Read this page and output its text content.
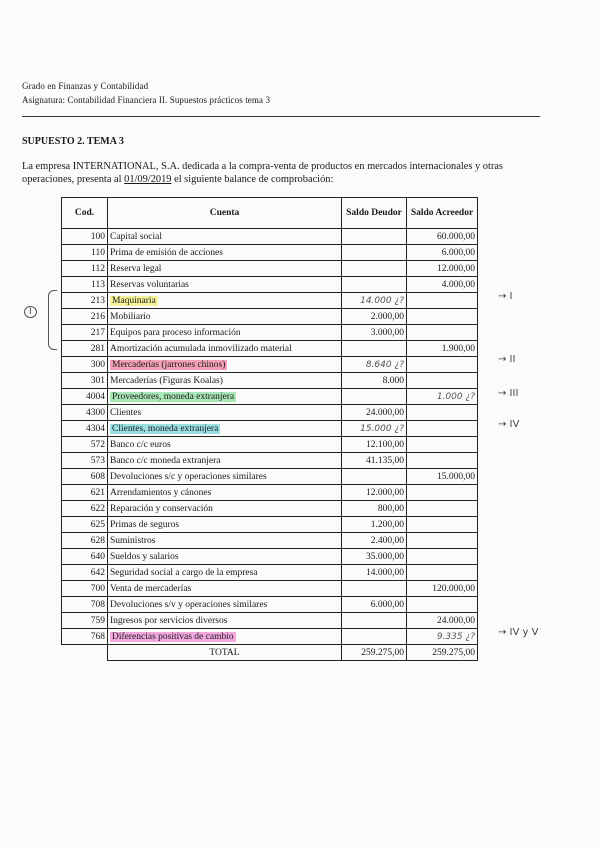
Grado en Finanzas y Contabilidad
Asignatura: Contabilidad Financiera II. Supuestos prácticos tema 3
SUPUESTO 2. TEMA 3
La empresa INTERNATIONAL, S.A. dedicada a la compra-venta de productos en mercados internacionales y otras operaciones, presenta al 01/09/2019 el siguiente balance de comprobación:
I
Cod.	Cuenta	Saldo Deudor	Saldo Acreedor
100	Capital social		60.000,00
110	Prima de emisión de acciones		6.000,00
112	Reserva legal		12.000,00
113	Reservas voluntarias		4.000,00
213	Maquinaria	14.000 ¿?	
216	Mobiliario	2.000,00	
217	Equipos para proceso información	3.000,00	
281	Amortización acumulada inmovilizado material		1.900,00
300	Mercaderías (jarrones chinos)	8.640 ¿?	
301	Mercaderías (Figuras Koalas)	8.000	
4004	Proveedores, moneda extranjera		1.000 ¿?
4300	Clientes	24.000,00	
4304	Clientes, moneda extranjera	15.000 ¿?	
572	Banco c/c euros	12.100,00	
573	Banco c/c moneda extranjera	41.135,00	
608	Devoluciones s/c y operaciones similares		15.000,00
621	Arrendamientos y cánones	12.000,00	
622	Reparación y conservación	800,00	
625	Primas de seguros	1.200,00	
628	Suministros	2.400,00	
640	Sueldos y salarios	35.000,00	
642	Seguridad social a cargo de la empresa	14.000,00	
700	Venta de mercaderías		120.000,00
708	Devoluciones s/v y operaciones similares	6.000,00	
759	Ingresos por servicios diversos		24.000,00
768	Diferencias positivas de cambio		9.335 ¿?
	TOTAL	259.275,00	259.275,00
→ I
→ II
→ III
→ IV
→ IV y V
